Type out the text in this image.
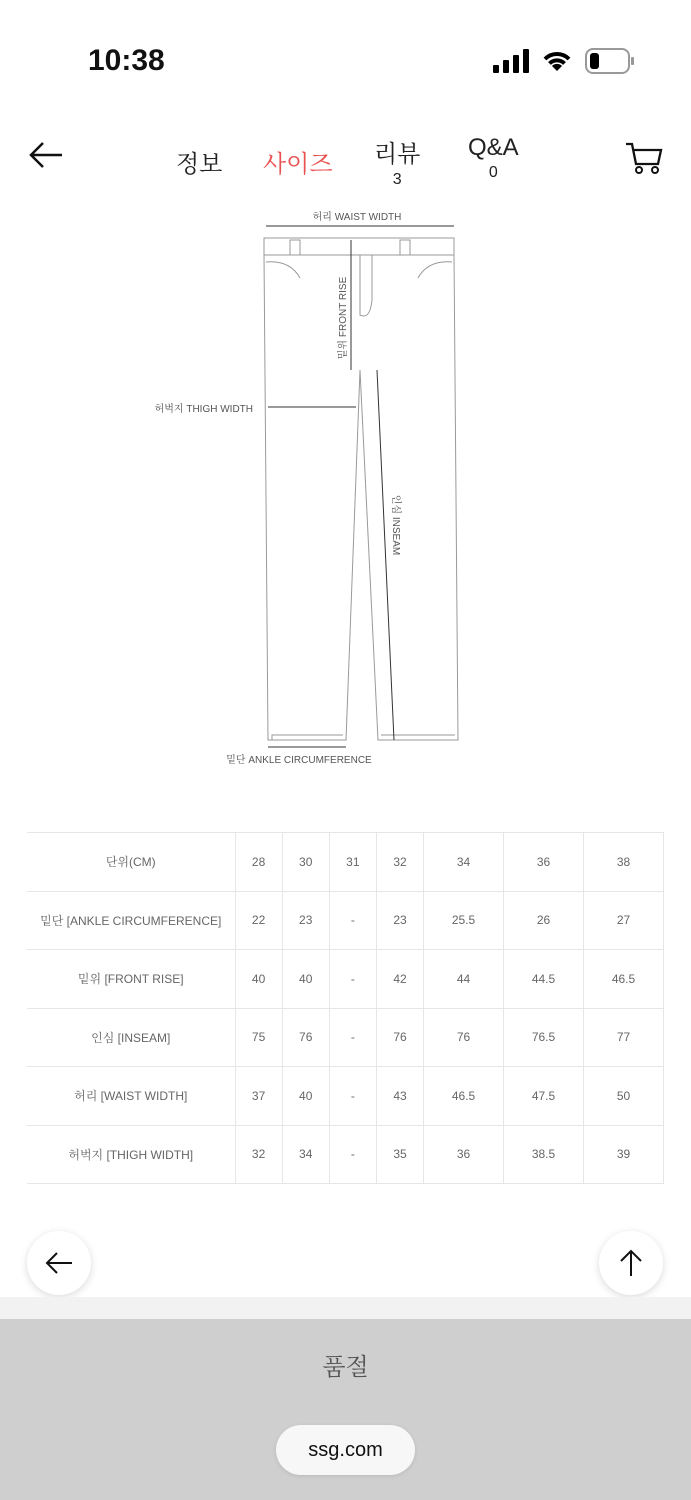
10:38
정보 사이즈 리뷰
3
Q&A
0
허리 WAIST WIDTH
밑위 FRONT RISE
허벅지 THIGH WIDTH
인심 INSEAM
밑단 ANKLE CIRCUMFERENCE
단위(CM)	28	30	31	32	34	36	38
밑단 [ANKLE CIRCUMFERENCE]	22	23	-	23	25.5	26	27
밑위 [FRONT RISE]	40	40	-	42	44	44.5	46.5
인심 [INSEAM]	75	76	-	76	76	76.5	77
허리 [WAIST WIDTH]	37	40	-	43	46.5	47.5	50
허벅지 [THIGH WIDTH]	32	34	-	35	36	38.5	39
품절
ssg.com
